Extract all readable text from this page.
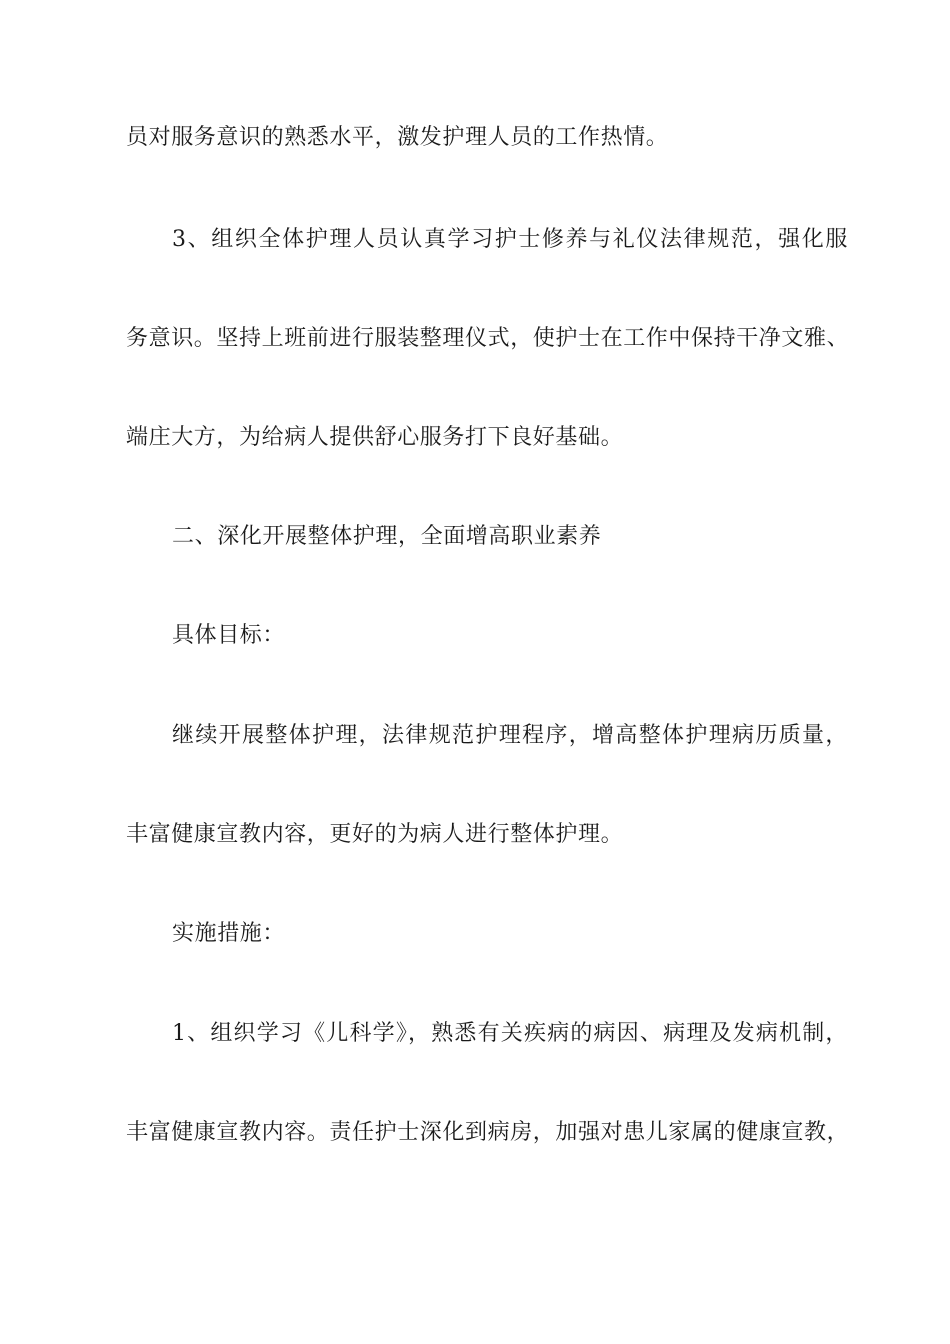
员对服务意识的熟悉水平，激发护理人员的工作热情。
3、组织全体护理人员认真学习护士修养与礼仪法律规范，强化服
务意识。坚持上班前进行服装整理仪式，使护士在工作中保持干净文雅、
端庄大方，为给病人提供舒心服务打下良好基础。
二、深化开展整体护理，全面增高职业素养
具体目标：
继续开展整体护理，法律规范护理程序，增高整体护理病历质量，
丰富健康宣教内容，更好的为病人进行整体护理。
实施措施：
1、组织学习《儿科学》，熟悉有关疾病的病因、病理及发病机制，
丰富健康宣教内容。责任护士深化到病房，加强对患儿家属的健康宣教，
